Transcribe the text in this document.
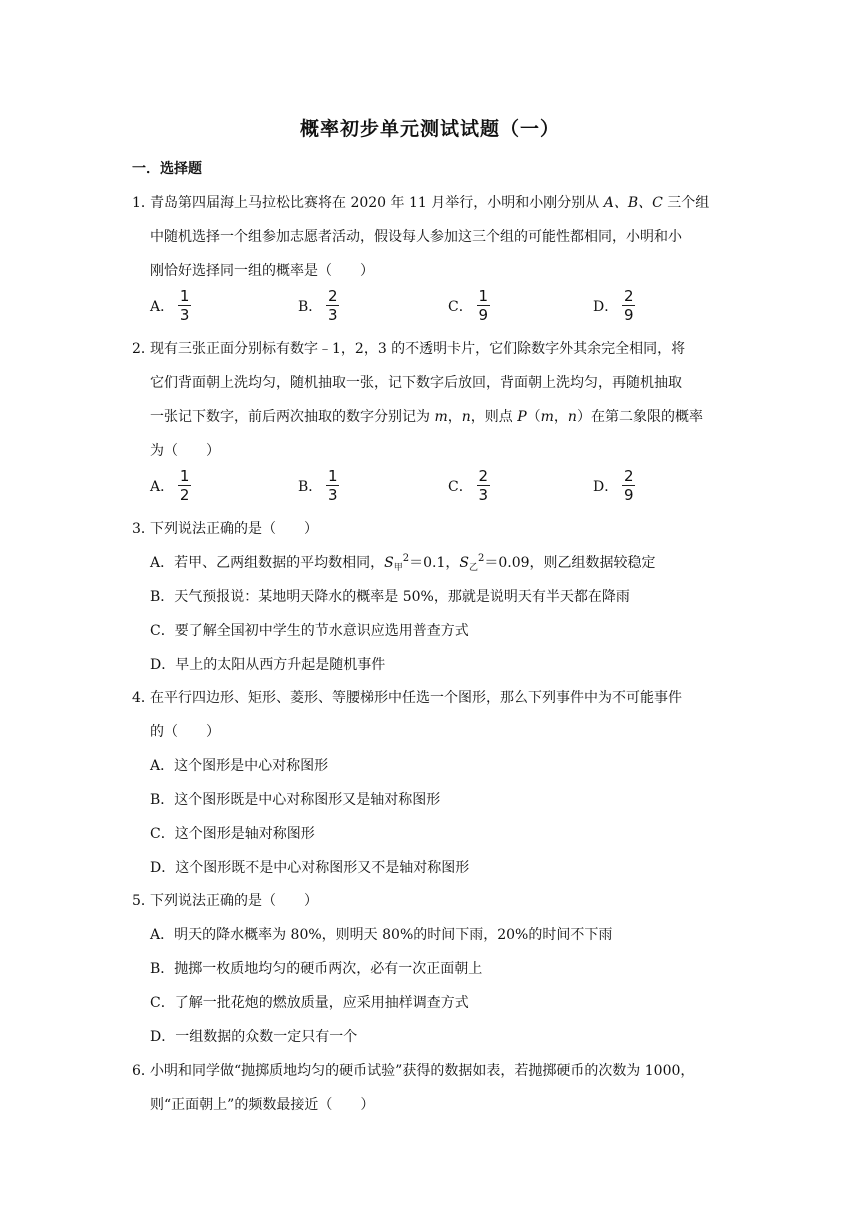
概率初步单元测试试题（一）
一．选择题
1．
青岛第四届海上马拉松比赛将在 2020 年 11 月举行，小明和小刚分别从 A、B、C 三个组
中随机选择一个组参加志愿者活动，假设每人参加这三个组的可能性都相同，小明和小
刚恰好选择同一组的概率是（　　）
A． $\frac{1}{3}$	B． $\frac{2}{3}$	C． $\frac{1}{9}$	D． $\frac{2}{9}$
2．
现有三张正面分别标有数字﹣1，2，3 的不透明卡片，它们除数字外其余完全相同，将
它们背面朝上洗均匀，随机抽取一张，记下数字后放回，背面朝上洗均匀，再随机抽取
一张记下数字，前后两次抽取的数字分别记为 m，n，则点 P（m，n）在第二象限的概率
为（　　）
A． $\frac{1}{2}$	B． $\frac{1}{3}$	C． $\frac{2}{3}$	D． $\frac{2}{9}$
3．
下列说法正确的是（　　）
A．若甲、乙两组数据的平均数相同，$S_甲^2=0.1$，$S_乙^2=0.09$，则乙组数据较稳定
B．天气预报说：某地明天降水的概率是 50%，那就是说明天有半天都在降雨
C．要了解全国初中学生的节水意识应选用普查方式
D．早上的太阳从西方升起是随机事件
4．
在平行四边形、矩形、菱形、等腰梯形中任选一个图形，那么下列事件中为不可能事件
的（　　）
A．这个图形是中心对称图形
B．这个图形既是中心对称图形又是轴对称图形
C．这个图形是轴对称图形
D．这个图形既不是中心对称图形又不是轴对称图形
5．
下列说法正确的是（　　）
A．明天的降水概率为 80%，则明天 80%的时间下雨，20%的时间不下雨
B．抛掷一枚质地均匀的硬币两次，必有一次正面朝上
C．了解一批花炮的燃放质量，应采用抽样调查方式
D．一组数据的众数一定只有一个
6．
小明和同学做“抛掷质地均匀的硬币试验”获得的数据如表，若抛掷硬币的次数为 1000，
则“正面朝上”的频数最接近（　　）
